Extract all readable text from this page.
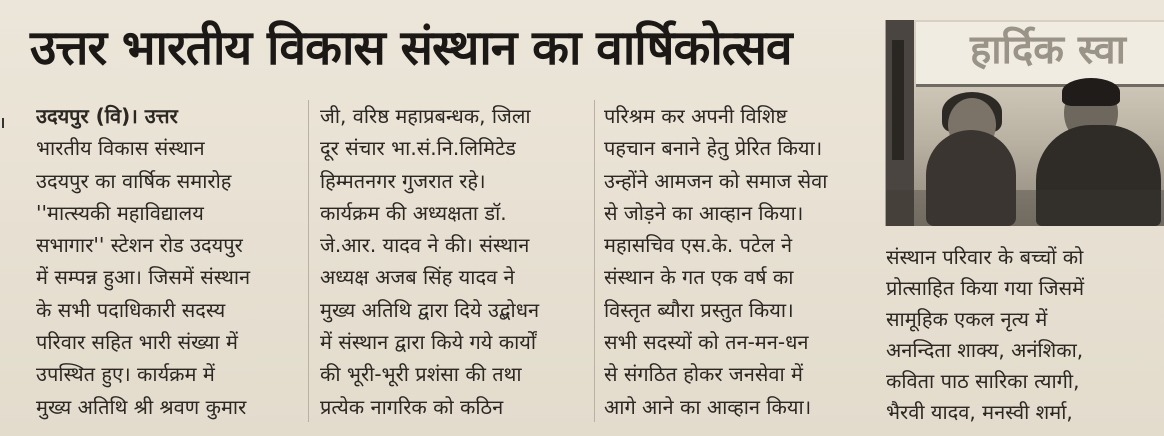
उत्तर भारतीय विकास संस्थान का वार्षिकोत्सव
उदयपुर (वि)। उत्तर
भारतीय विकास संस्थान
उदयपुर का वार्षिक समारोह
''मात्स्यकी महाविद्यालय
सभागार'' स्टेशन रोड उदयपुर
में सम्पन्न हुआ। जिसमें संस्थान
के सभी पदाधिकारी सदस्य
परिवार सहित भारी संख्या में
उपस्थित हुए। कार्यक्रम में
मुख्य अतिथि श्री श्रवण कुमार
जी, वरिष्ठ महाप्रबन्धक, जिला
दूर संचार भा.सं.नि.लिमिटेड
हिम्मतनगर गुजरात रहे।
कार्यक्रम की अध्यक्षता डॉ.
जे.आर. यादव ने की। संस्थान
अध्यक्ष अजब सिंह यादव ने
मुख्य अतिथि द्वारा दिये उद्बोधन
में संस्थान द्वारा किये गये कार्यों
की भूरी-भूरी प्रशंसा की तथा
प्रत्येक नागरिक को कठिन
परिश्रम कर अपनी विशिष्ट
पहचान बनाने हेतु प्रेरित किया।
उन्होंने आमजन को समाज सेवा
से जोड़ने का आव्हान किया।
महासचिव एस.के. पटेल ने
संस्थान के गत एक वर्ष का
विस्तृत ब्यौरा प्रस्तुत किया।
सभी सदस्यों को तन-मन-धन
से संगठित होकर जनसेवा में
आगे आने का आव्हान किया।
हार्दिक स्वा
संस्थान परिवार के बच्चों को
प्रोत्साहित किया गया जिसमें
सामूहिक एकल नृत्य में
अनन्दिता शाक्य, अनंशिका,
कविता पाठ सारिका त्यागी,
भैरवी यादव, मनस्वी शर्मा,
